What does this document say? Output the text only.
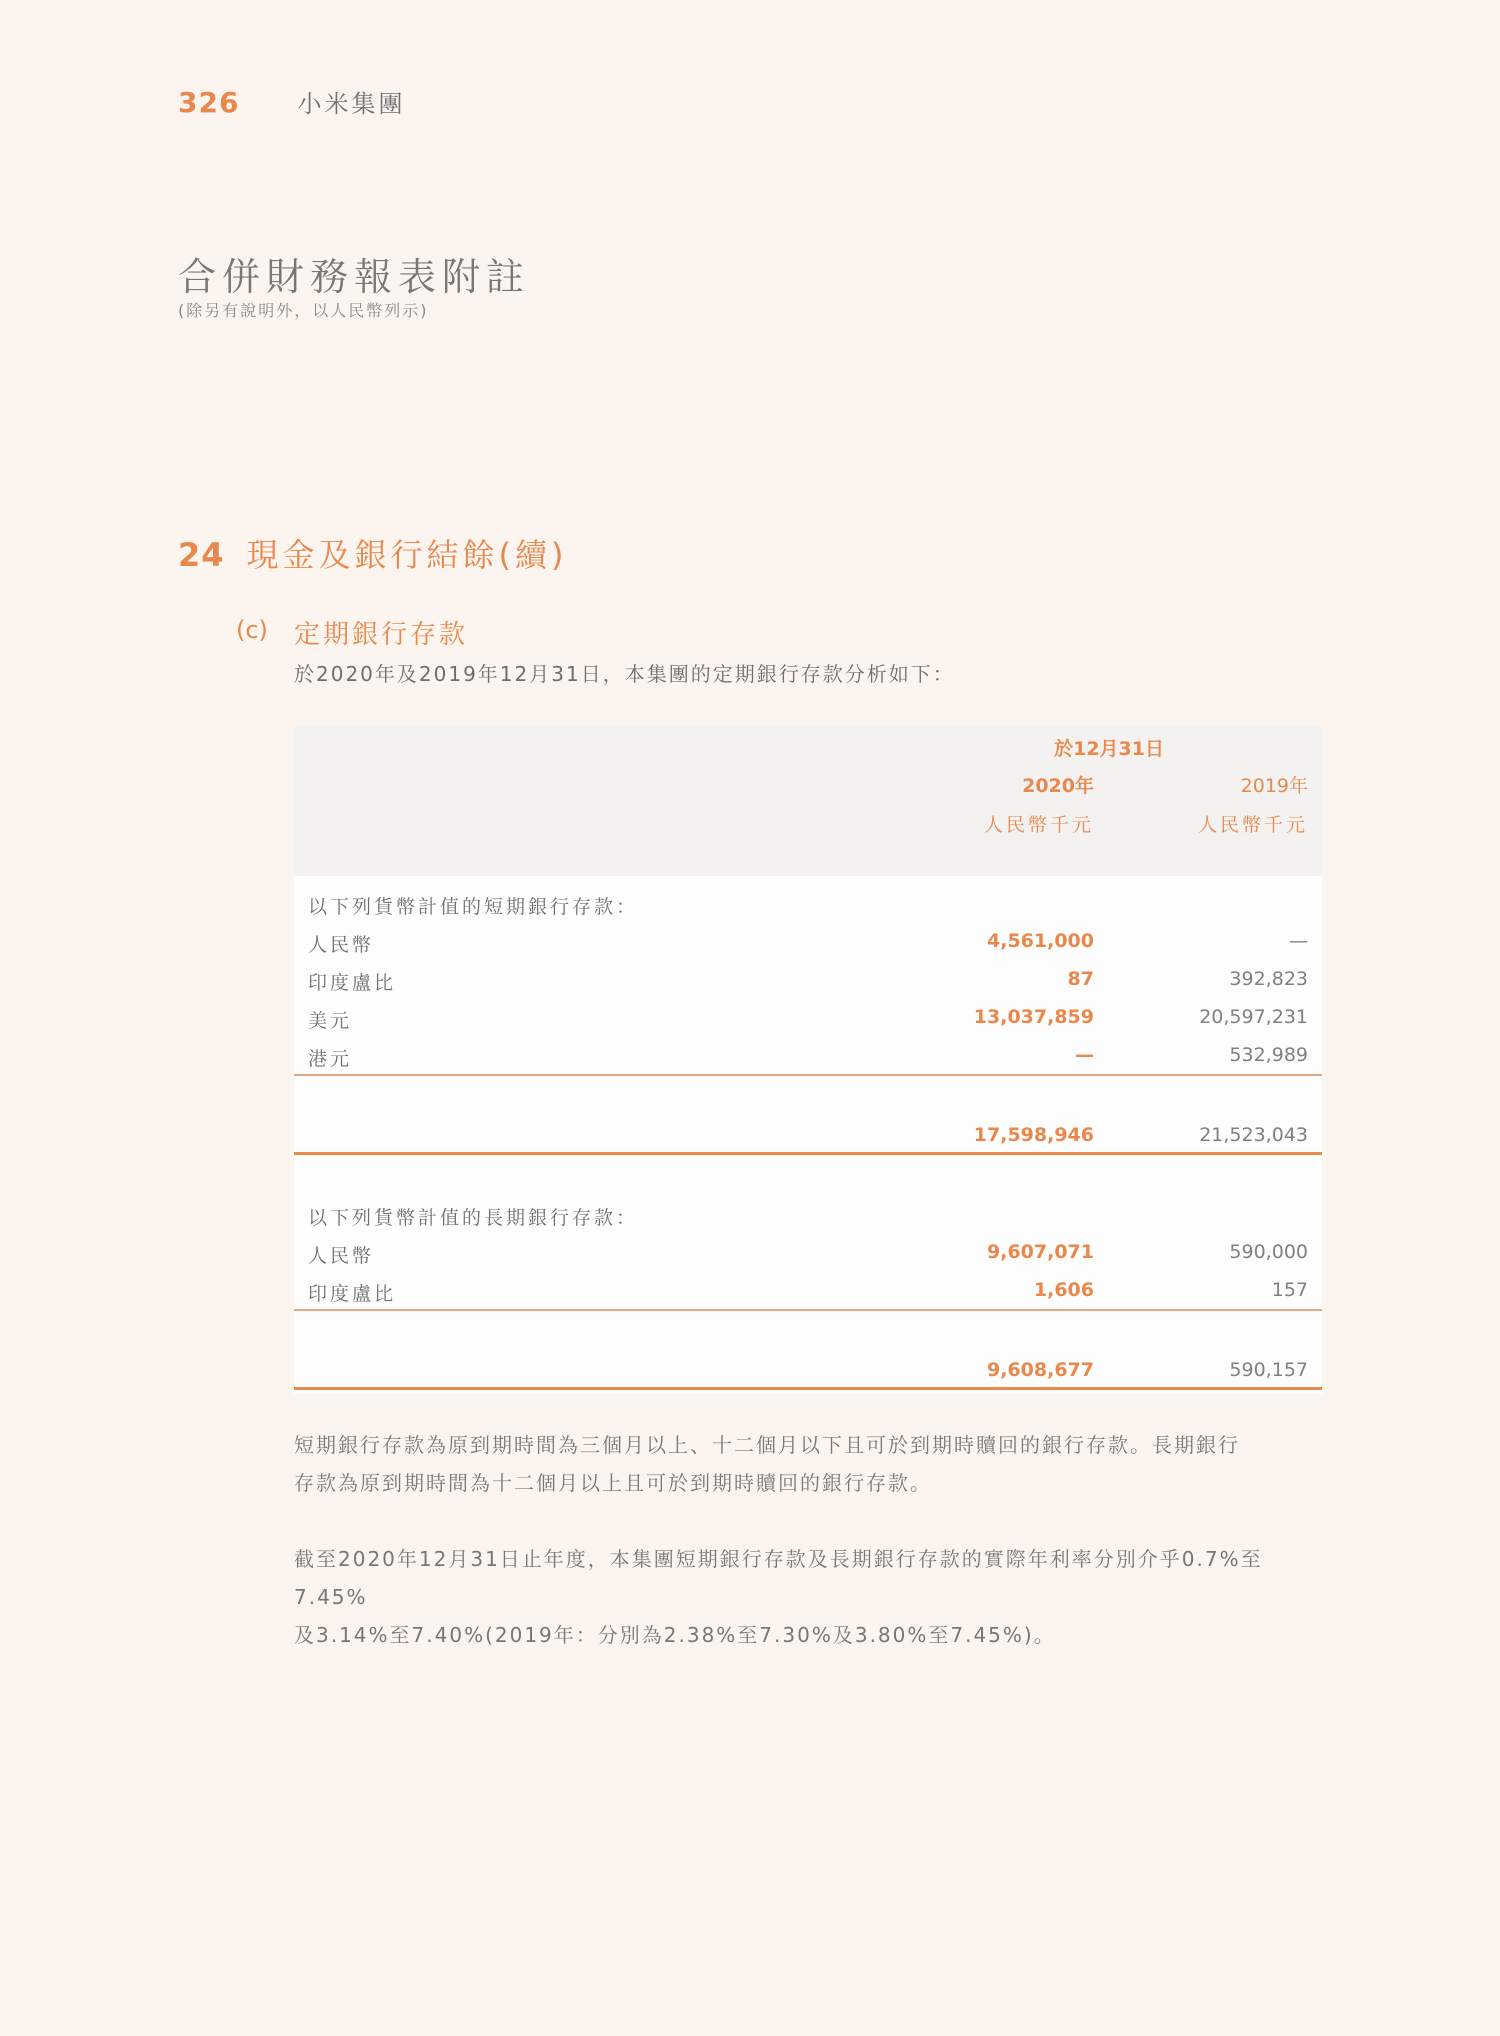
326 小米集團
合併財務報表附註
(除另有說明外，以人民幣列示)
24 現金及銀行結餘(續)
(c) 定期銀行存款
於2020年及2019年12月31日，本集團的定期銀行存款分析如下：
於12月31日
2020年	2019年
人民幣千元	人民幣千元
以下列貨幣計值的短期銀行存款：
人民幣	4,561,000	—
印度盧比	87	392,823
美元	13,037,859	20,597,231
港元	—	532,989
17,598,946	21,523,043
以下列貨幣計值的長期銀行存款：
人民幣	9,607,071	590,000
印度盧比	1,606	157
9,608,677	590,157
短期銀行存款為原到期時間為三個月以上、十二個月以下且可於到期時贖回的銀行存款。長期銀行
存款為原到期時間為十二個月以上且可於到期時贖回的銀行存款。
截至2020年12月31日止年度，本集團短期銀行存款及長期銀行存款的實際年利率分別介乎0.7%至7.45%
及3.14%至7.40%(2019年：分別為2.38%至7.30%及3.80%至7.45%)。
